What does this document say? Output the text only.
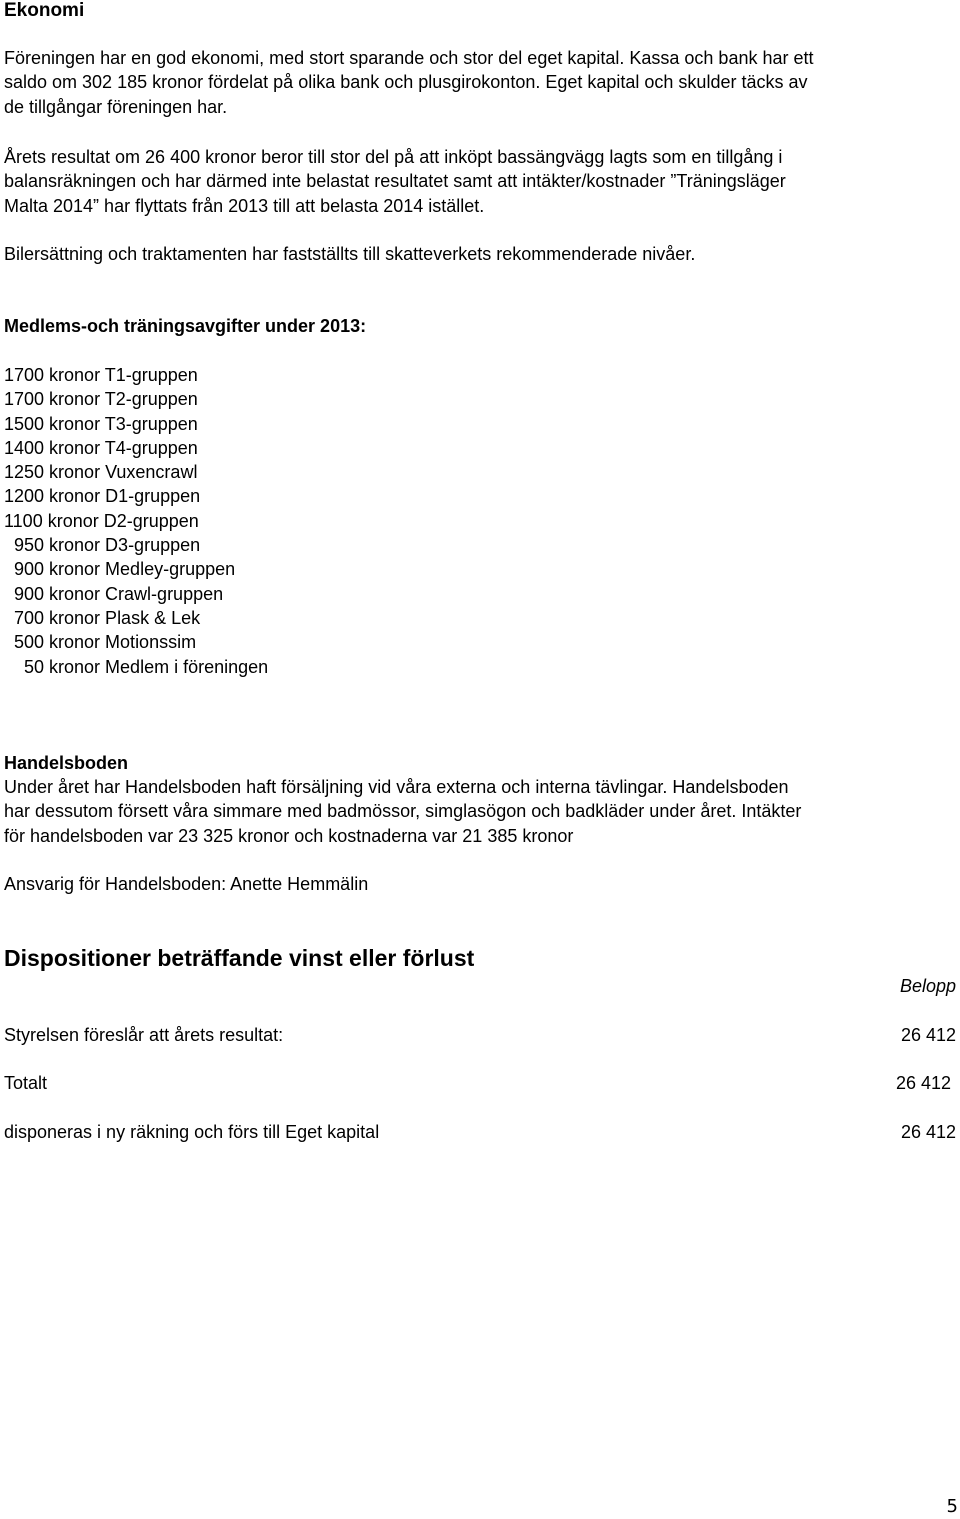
Ekonomi
Föreningen har en god ekonomi, med stort sparande och stor del eget kapital. Kassa och bank har ett
saldo om 302 185 kronor fördelat på olika bank och plusgirokonton. Eget kapital och skulder täcks av
de tillgångar föreningen har.
Årets resultat om 26 400 kronor beror till stor del på att inköpt bassängvägg lagts som en tillgång i
balansräkningen och har därmed inte belastat resultatet samt att intäkter/kostnader ”Träningsläger
Malta 2014” har flyttats från 2013 till att belasta 2014 istället.
Bilersättning och traktamenten har fastställts till skatteverkets rekommenderade nivåer.
Medlems-och träningsavgifter under 2013:
1700 kronor T1-gruppen
1700 kronor T2-gruppen
1500 kronor T3-gruppen
1400 kronor T4-gruppen
1250 kronor Vuxencrawl
1200 kronor D1-gruppen
1100 kronor D2-gruppen
950 kronor D3-gruppen
900 kronor Medley-gruppen
900 kronor Crawl-gruppen
700 kronor Plask & Lek
500 kronor Motionssim
50 kronor Medlem i föreningen
Handelsboden
Under året har Handelsboden haft försäljning vid våra externa och interna tävlingar. Handelsboden
har dessutom försett våra simmare med badmössor, simglasögon och badkläder under året. Intäkter
för handelsboden var 23 325 kronor och kostnaderna var 21 385 kronor
Ansvarig för Handelsboden: Anette Hemmälin
Dispositioner beträffande vinst eller förlust
Belopp
Styrelsen föreslår att årets resultat:	26 412
Totalt	26 412
disponeras i ny räkning och förs till Eget kapital	26 412
5
